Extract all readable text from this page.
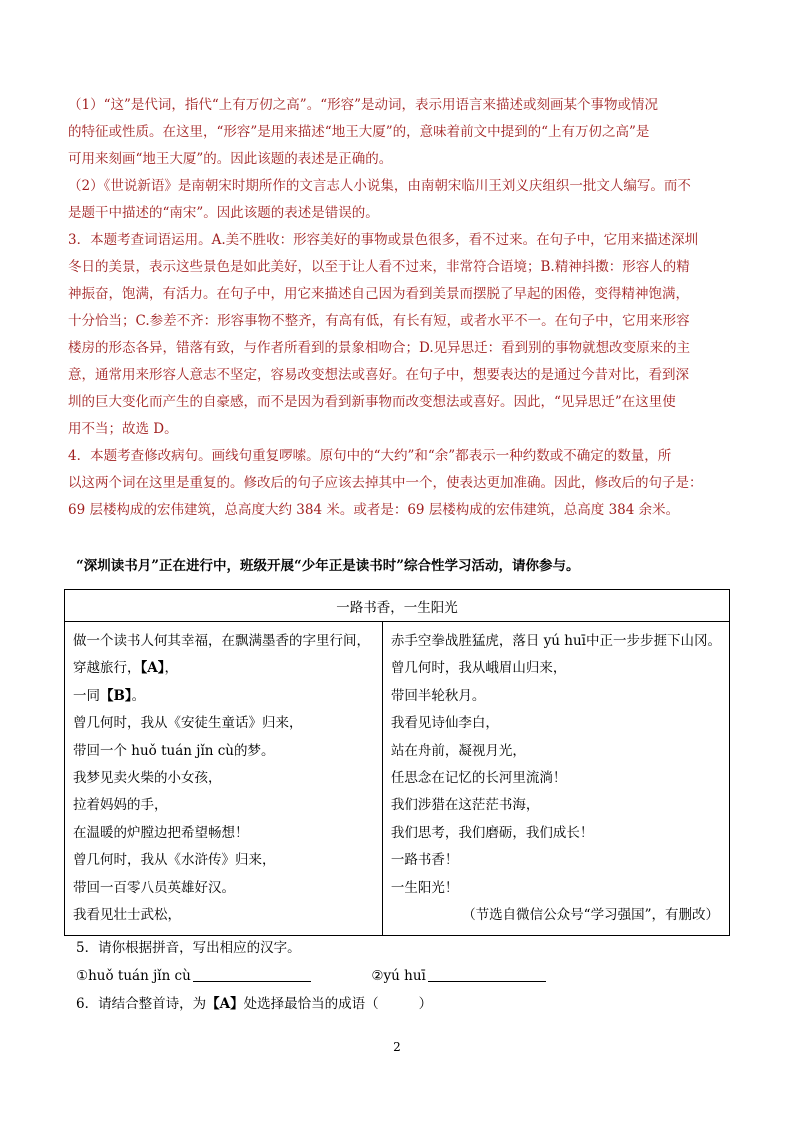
（1）“这”是代词，指代“上有万仞之高”。“形容”是动词，表示用语言来描述或刻画某个事物或情况
的特征或性质。在这里，“形容”是用来描述“地王大厦”的，意味着前文中提到的“上有万仞之高”是
可用来刻画“地王大厦”的。因此该题的表述是正确的。

（2）《世说新语》是南朝宋时期所作的文言志人小说集，由南朝宋临川王刘义庆组织一批文人编写。而不
是题干中描述的“南宋”。因此该题的表述是错误的。

3．本题考查词语运用。A.美不胜收：形容美好的事物或景色很多，看不过来。在句子中，它用来描述深圳
冬日的美景，表示这些景色是如此美好，以至于让人看不过来，非常符合语境；B.精神抖擞：形容人的精
神振奋，饱满，有活力。在句子中，用它来描述自己因为看到美景而摆脱了早起的困倦，变得精神饱满，
十分恰当；C.参差不齐：形容事物不整齐，有高有低，有长有短，或者水平不一。在句子中，它用来形容
楼房的形态各异，错落有致，与作者所看到的景象相吻合；D.见异思迁：看到别的事物就想改变原来的主
意，通常用来形容人意志不坚定，容易改变想法或喜好。在句子中，想要表达的是通过今昔对比，看到深
圳的巨大变化而产生的自豪感，而不是因为看到新事物而改变想法或喜好。因此，“见异思迁”在这里使
用不当；故选 D。

4．本题考查修改病句。画线句重复啰嗦。原句中的“大约”和“余”都表示一种约数或不确定的数量，所
以这两个词在这里是重复的。修改后的句子应该去掉其中一个，使表达更加准确。因此，修改后的句子是：
69 层楼构成的宏伟建筑，总高度大约 384 米。或者是：69 层楼构成的宏伟建筑，总高度 384 余米。

“深圳读书月”正在进行中，班级开展“少年正是读书时”综合性学习活动，请你参与。
一路书香，一生阳光

做一个读书人何其幸福，在飘满墨香的字里行间，
穿越旅行，【A】，
一同【B】。
曾几何时，我从《安徒生童话》归来，
带回一个 huǒ tuán jǐn cù的梦。
我梦见卖火柴的小女孩，
拉着妈妈的手，
在温暖的炉膛边把希望畅想！
曾几何时，我从《水浒传》归来，
带回一百零八员英雄好汉。
我看见壮士武松，

赤手空拳战胜猛虎，落日 yú huī中正一步步捱下山冈。
曾几何时，我从峨眉山归来，
带回半轮秋月。
我看见诗仙李白，
站在舟前，凝视月光，
任思念在记忆的长河里流淌！
我们涉猎在这茫茫书海，
我们思考，我们磨砺，我们成长！
一路书香！
一生阳光！
（节选自微信公众号“学习强国”，有删改）
5．请你根据拼音，写出相应的汉字。
①huǒ tuán jǐn cù	②yú huī
6．请结合整首诗，为【A】处选择最恰当的成语（	）
2
